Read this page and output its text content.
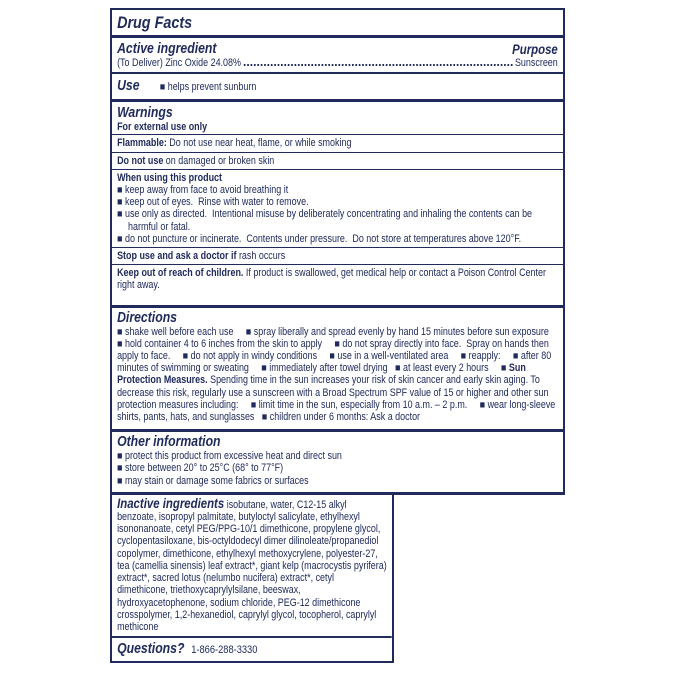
Drug Facts
Active ingredient	Purpose

(To Deliver) Zinc Oxide 24.08%	Sunscreen

Use ■ helps prevent sunburn

Warnings

For external use only

Flammable: Do not use near heat, flame, or while smoking

Do not use on damaged or broken skin

When using this product

■ keep away from face to avoid breathing it

■ keep out of eyes.  Rinse with water to remove.

■ use only as directed.  Intentional misuse by deliberately concentrating and inhaling the contents can be harmful or fatal.

■ do not puncture or incinerate.  Contents under pressure.  Do not store at temperatures above 120°F.

Stop use and ask a doctor if rash occurs

Keep out of reach of children. If product is swallowed, get medical help or contact a Poison Control Center right away.

Directions

■ shake well before each use     ■ spray liberally and spread evenly by hand 15 minutes before sun exposure     ■ hold container 4 to 6 inches from the skin to apply     ■ do not spray directly into face.  Spray on hands then apply to face.     ■ do not apply in windy conditions     ■ use in a well-ventilated area     ■ reapply:     ■ after 80 minutes of swimming or sweating     ■ immediately after towel drying   ■ at least every 2 hours     ■ Sun Protection Measures. Spending time in the sun increases your risk of skin cancer and early skin aging. To decrease this risk, regularly use a sunscreen with a Broad Spectrum SPF value of 15 or higher and other sun protection measures including:     ■ limit time in the sun, especially from 10 a.m. – 2 p.m.     ■ wear long-sleeve shirts, pants, hats, and sunglasses   ■ children under 6 months: Ask a doctor

Other information

■ protect this product from excessive heat and direct sun

■ store between 20° to 25°C (68° to 77°F)

■ may stain or damage some fabrics or surfaces

Inactive ingredients isobutane, water, C12-15 alkyl benzoate, isopropyl palmitate, butyloctyl salicylate, ethylhexyl isononanoate, cetyl PEG/PPG-10/1 dimethicone, propylene glycol, cyclopentasiloxane, bis-octyldodecyl dimer dilinoleate/propanediol copolymer, dimethicone, ethylhexyl methoxycrylene, polyester-27, tea (camellia sinensis) leaf extract*, giant kelp (macrocystis pyrifera) extract*, sacred lotus (nelumbo nucifera) extract*, cetyl dimethicone, triethoxycaprylylsilane, beeswax, hydroxyacetophenone, sodium chloride, PEG-12 dimethicone crosspolymer, 1,2-hexanediol, caprylyl glycol, tocopherol, caprylyl methicone

Questions? 1-866-288-3330
